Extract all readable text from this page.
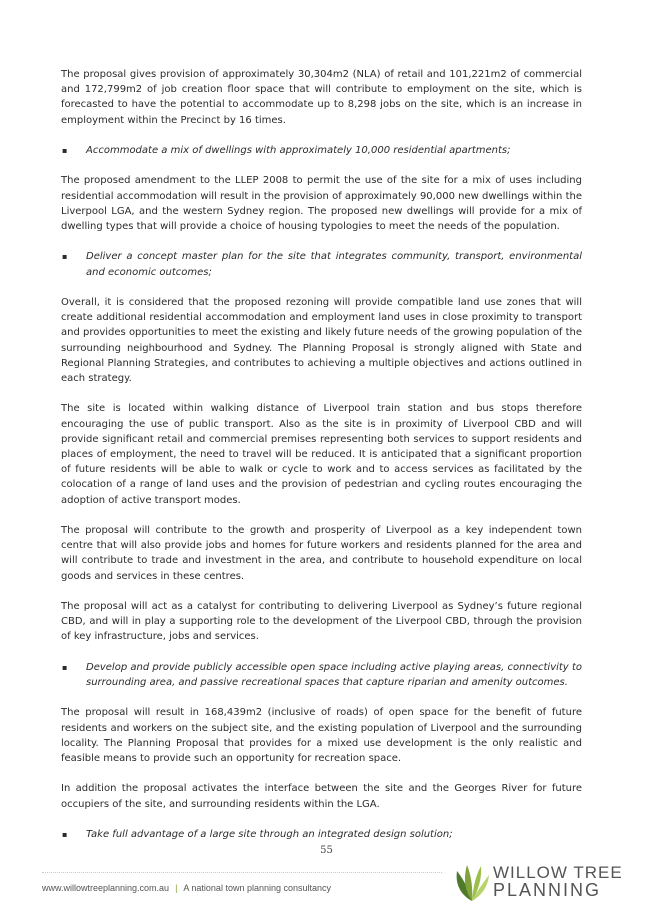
The proposal gives provision of approximately 30,304m2 (NLA) of retail and 101,221m2 of commercial and 172,799m2 of job creation floor space that will contribute to employment on the site, which is forecasted to have the potential to accommodate up to 8,298 jobs on the site, which is an increase in employment within the Precinct by 16 times.

▪	Accommodate a mix of dwellings with approximately 10,000 residential apartments;

The proposed amendment to the LLEP 2008 to permit the use of the site for a mix of uses including residential accommodation will result in the provision of approximately 90,000 new dwellings within the Liverpool LGA, and the western Sydney region. The proposed new dwellings will provide for a mix of dwelling types that will provide a choice of housing typologies to meet the needs of the population.

▪	Deliver a concept master plan for the site that integrates community, transport, environmental and economic outcomes;

Overall, it is considered that the proposed rezoning will provide compatible land use zones that will create additional residential accommodation and employment land uses in close proximity to transport and provides opportunities to meet the existing and likely future needs of the growing population of the surrounding neighbourhood and Sydney. The Planning Proposal is strongly aligned with State and Regional Planning Strategies, and contributes to achieving a multiple objectives and actions outlined in each strategy.

The site is located within walking distance of Liverpool train station and bus stops therefore encouraging the use of public transport. Also as the site is in proximity of Liverpool CBD and will provide significant retail and commercial premises representing both services to support residents and places of employment, the need to travel will be reduced. It is anticipated that a significant proportion of future residents will be able to walk or cycle to work and to access services as facilitated by the colocation of a range of land uses and the provision of pedestrian and cycling routes encouraging the adoption of active transport modes.

The proposal will contribute to the growth and prosperity of Liverpool as a key independent town centre that will also provide jobs and homes for future workers and residents planned for the area and will contribute to trade and investment in the area, and contribute to household expenditure on local goods and services in these centres.

The proposal will act as a catalyst for contributing to delivering Liverpool as Sydney’s future regional CBD, and will in play a supporting role to the development of the Liverpool CBD, through the provision of key infrastructure, jobs and services.

▪	Develop and provide publicly accessible open space including active playing areas, connectivity to surrounding area, and passive recreational spaces that capture riparian and amenity outcomes.

The proposal will result in 168,439m2 (inclusive of roads) of open space for the benefit of future residents and workers on the subject site, and the existing population of Liverpool and the surrounding locality. The Planning Proposal that provides for a mixed use development is the only realistic and feasible means to provide such an opportunity for recreation space.

In addition the proposal activates the interface between the site and the Georges River for future occupiers of the site, and surrounding residents within the LGA.

▪	Take full advantage of a large site through an integrated design solution;
55
www.willowtreeplanning.com.au | A national town planning consultancy
WILLOW TREE
PLANNING
